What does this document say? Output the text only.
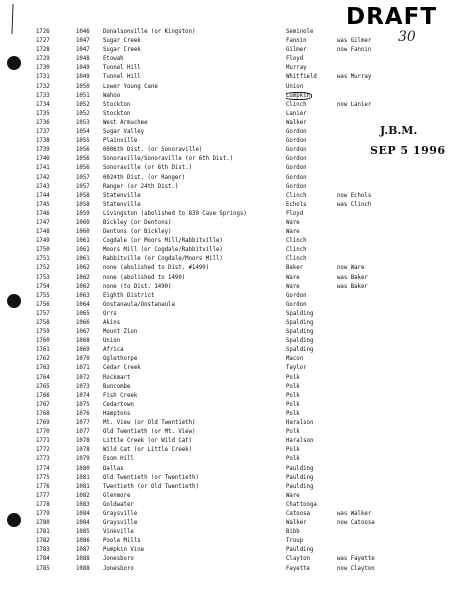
DRAFT
30
J.B.M.
SEP 5 1996
1726	1046	Donalsonville (or Kingston)	Seminole
1727	1047	Sugar Creek	Fannin	was Gilmer
1728	1047	Sugar Creek	Gilmer	now Fannin
1729	1048	Etowah	Floyd
1730	1049	Tunnel Hill	Murray
1731	1049	Tunnel Hill	Whitfield	was Murray
1732	1050	Lower Young Cane	Union
1733	1051	Wahoo	Lumpkin
1734	1052	Stockton	Clinch	now Lanier
1735	1052	Stockton	Lanier
1736	1053	West Armuchee	Walker
1737	1054	Sugar Valley	Gordon
1738	1055	Plainville	Gordon
1739	1056	0006th Dist. (or Sonoraville)	Gordon
1740	1056	Sonoraville/Sonoraville (or 6th Dist.)	Gordon
1741	1056	Sonoraville (or 6th Dist.)	Gordon
1742	1057	0024th Dist. (or Ranger)	Gordon
1743	1057	Ranger (or 24th Dist.)	Gordon
1744	1058	Statenville	Clinch	now Echols
1745	1058	Statenville	Echols	was Clinch
1746	1059	Livingston (abolished to 839 Cave Springs)	Floyd
1747	1060	Bickley (or Dentons)	Ware
1748	1060	Dentons (or Bickley)	Ware
1749	1061	Cogdale (or Moors Mill/Rabbitville)	Clinch
1750	1061	Moors Mill (or Cogdale/Rabbitville)	Clinch
1751	1061	Rabbitville (or Cogdale/Moors Mill)	Clinch
1752	1062	none (abolished to Dist. #1490)	Baker	now Ware
1753	1062	none (abolished to 1490)	Ware	was Baker
1754	1062	none (to Dist. 1490)	Ware	was Baker
1755	1063	Eighth District	Gordon
1756	1064	Oostanaula/Oostanaula	Gordon
1757	1065	Orrs	Spalding
1758	1066	Akins	Spalding
1759	1067	Mount Zion	Spalding
1760	1068	Union	Spalding
1761	1069	Africa	Spalding
1762	1070	Oglethorpe	Macon
1763	1071	Cedar Creek	Taylor
1764	1072	Rockmart	Polk
1765	1073	Buncombe	Polk
1766	1074	Fish Creek	Polk
1767	1075	Cedartown	Polk
1768	1076	Hamptons	Polk
1769	1077	Mt. View (or Old Twentieth)	Haralson
1770	1077	Old Twentieth (or Mt. View)	Polk
1771	1078	Little Creek (or Wild Cat)	Haralson
1772	1078	Wild Cat (or Little Creek)	Polk
1773	1079	Esom Hill	Polk
1774	1080	Dallas	Paulding
1775	1081	Old Twentieth (or Twentieth)	Paulding
1776	1081	Twentieth (or Old Twentieth)	Paulding
1777	1082	Glenmore	Ware
1778	1083	Goldwater	Chattooga
1779	1084	Graysville	Catoosa	was Walker
1780	1084	Graysville	Walker	now Catoosa
1781	1085	Vineville	Bibb
1782	1086	Poole Mills	Troup
1783	1087	Pumpkin Vine	Paulding
1784	1088	Jonesboro	Clayton	was Fayette
1785	1088	Jonesboro	Fayette	now Clayton
